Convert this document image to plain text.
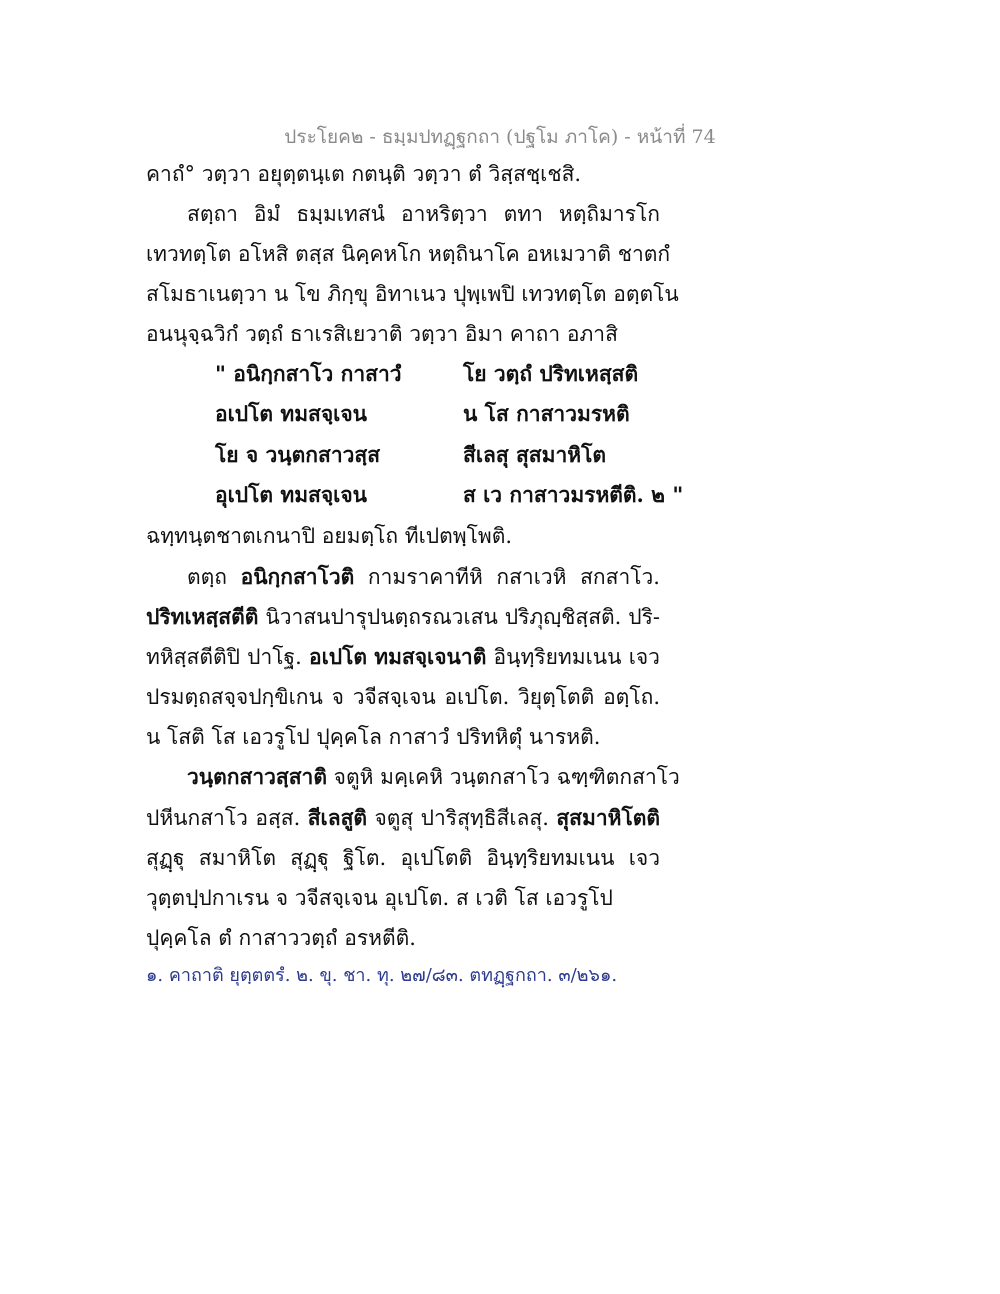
ประโยค๒ - ธมฺมปทฏฺฐกถา (ปฐโม ภาโค) - หน้าที่ 74
คาถํ° วตฺวา อยุตฺตนฺเต กตนฺติ วตฺวา ตํ วิสฺสชฺเชสิ.
สตฺถา อิมํ ธมฺมเทสนํ อาหริตฺวา ตทา หตฺถิมารโก
เทวทตฺโต อโหสิ ตสฺส นิคฺคหโก หตฺถินาโค อหเมวาติ ชาตกํ
สโมธาเนตฺวา น โข ภิกฺขุ อิทาเนว ปุพฺเพปิ เทวทตฺโต อตฺตโน
อนนุจฺฉวิกํ วตฺถํ ธาเรสิเยวาติ วตฺวา อิมา คาถา อภาสิ
" อนิกฺกสาโว กาสาวํ	โย วตฺถํ ปริทเหสฺสติ
อเปโต ทมสจฺเจน	น โส กาสาวมรหติ
โย จ วนฺตกสาวสฺส	สีเลสุ สุสมาหิโต
อุเปโต ทมสจฺเจน	ส เว กาสาวมรหตีติ. ๒ "
ฉทฺทนฺตชาตเกนาปิ อยมตฺโถ ทีเปตพฺโพติ.
ตตฺถ อนิกฺกสาโวติ กามราคาทีหิ กสาเวหิ สกสาโว.
ปริทเหสฺสตีติ นิวาสนปารุปนตฺถรณวเสน ปริภุญฺชิสฺสติ. ปริ-
ทหิสฺสตีติปิ ปาโฐ. อเปโต ทมสจฺเจนาติ อินฺทฺริยทมเนน เจว
ปรมตฺถสจฺจปกฺขิเกน จ วจีสจฺเจน อเปโต. วิยุตฺโตติ อตฺโถ.
น โสติ โส เอวรูโป ปุคฺคโล กาสาวํ ปริทหิตุํ นารหติ.
วนฺตกสาวสฺสาติ จตูหิ มคฺเคหิ วนฺตกสาโว ฉฑฺฑิตกสาโว
ปหีนกสาโว อสฺส. สีเลสูติ จตูสุ ปาริสุทฺธิสีเลสุ. สุสมาหิโตติ
สุฏฺฐุ สมาหิโต สุฏฺฐุ ฐิโต. อุเปโตติ อินฺทฺริยทมเนน เจว
วุตฺตปฺปกาเรน จ วจีสจฺเจน อุเปโต. ส เวติ โส เอวรูโป
ปุคฺคโล ตํ กาสาววตฺถํ อรหตีติ.
๑. คาถาติ ยุตฺตตรํ. ๒. ขุ. ชา. ทุ. ๒๗/๘๓. ตทฏฺฐกถา. ๓/๒๖๑.
